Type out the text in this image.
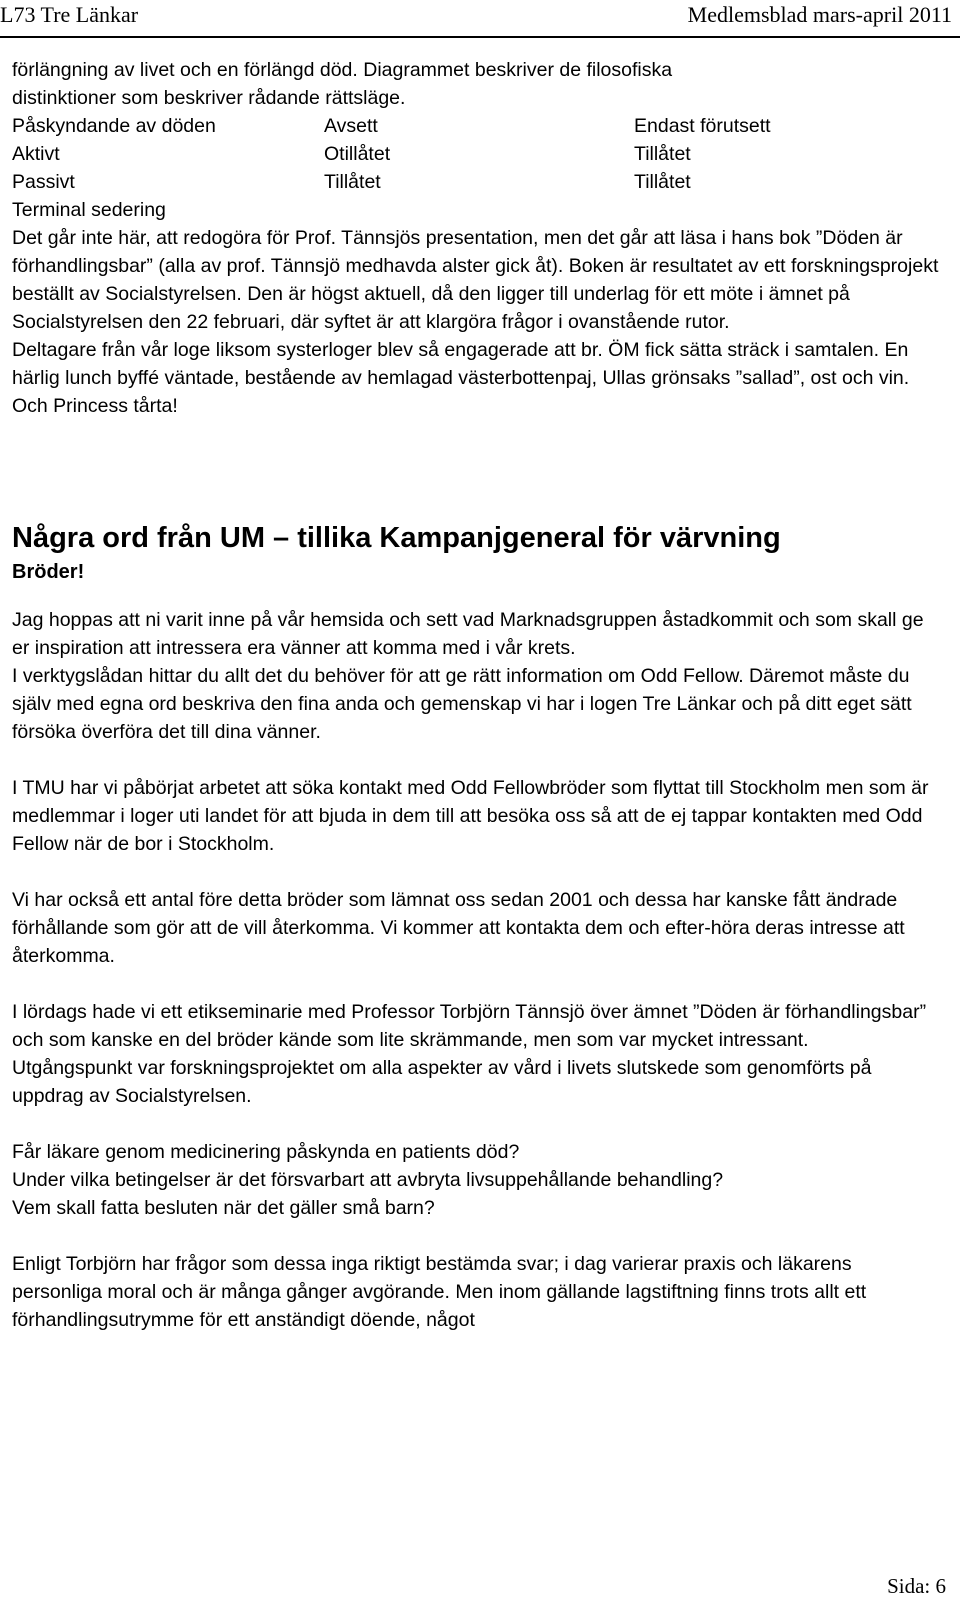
L73 Tre Länkar	Medlemsblad mars-april 2011

förlängning av livet och en förlängd död. Diagrammet beskriver de filosofiska

distinktioner som beskriver rådande rättsläge.

Påskyndande av döden	Avsett	Endast förutsett
Aktivt	Otillåtet	Tillåtet
Passivt	Tillåtet	Tillåtet

Terminal sedering

Det går inte här, att redogöra för Prof. Tännsjös presentation, men det går att läsa i hans bok ”Döden är förhandlingsbar” (alla av prof. Tännsjö medhavda alster gick åt). Boken är resultatet av ett forskningsprojekt beställt av Socialstyrelsen. Den är högst aktuell, då den ligger till underlag för ett möte i ämnet på Socialstyrelsen den 22 februari, där syftet är att klargöra frågor i ovanstående rutor.

Deltagare från vår loge liksom systerloger blev så engagerade att br. ÖM fick sätta sträck i samtalen. En härlig lunch byffé väntade, bestående av hemlagad västerbottenpaj, Ullas grönsaks ”sallad”, ost och vin. Och Princess tårta!

Några ord från UM – tillika Kampanjgeneral för värvning

Bröder!

Jag hoppas att ni varit inne på vår hemsida och sett vad Marknadsgruppen åstadkommit och som skall ge er inspiration att intressera era vänner att komma med i vår krets.

I verktygslådan hittar du allt det du behöver för att ge rätt information om Odd Fellow. Däremot måste du själv med egna ord beskriva den fina anda och gemenskap vi har i logen Tre Länkar och på ditt eget sätt försöka överföra det till dina vänner.

I TMU har vi påbörjat arbetet att söka kontakt med Odd Fellowbröder som flyttat till Stockholm men som är medlemmar i loger uti landet för att bjuda in dem till att besöka oss så att de ej tappar kontakten med Odd Fellow när de bor i Stockholm.

Vi har också ett antal före detta bröder som lämnat oss sedan 2001 och dessa har kanske fått ändrade förhållande som gör att de vill återkomma. Vi kommer att kontakta dem och efter-höra deras intresse att återkomma.

I lördags hade vi ett etikseminarie med Professor Torbjörn Tännsjö över ämnet ”Döden är förhandlingsbar” och som kanske en del bröder kände som lite skrämmande, men som var mycket intressant.

Utgångspunkt var forskningsprojektet om alla aspekter av vård i livets slutskede som genomförts på uppdrag av Socialstyrelsen.

Får läkare genom medicinering påskynda en patients död?

Under vilka betingelser är det försvarbart att avbryta livsuppehållande behandling?

Vem skall fatta besluten när det gäller små barn?

Enligt Torbjörn har frågor som dessa inga riktigt bestämda svar; i dag varierar praxis och läkarens personliga moral och är många gånger avgörande. Men inom gällande lagstiftning finns trots allt ett förhandlingsutrymme för ett anständigt döende, något

Sida: 6
